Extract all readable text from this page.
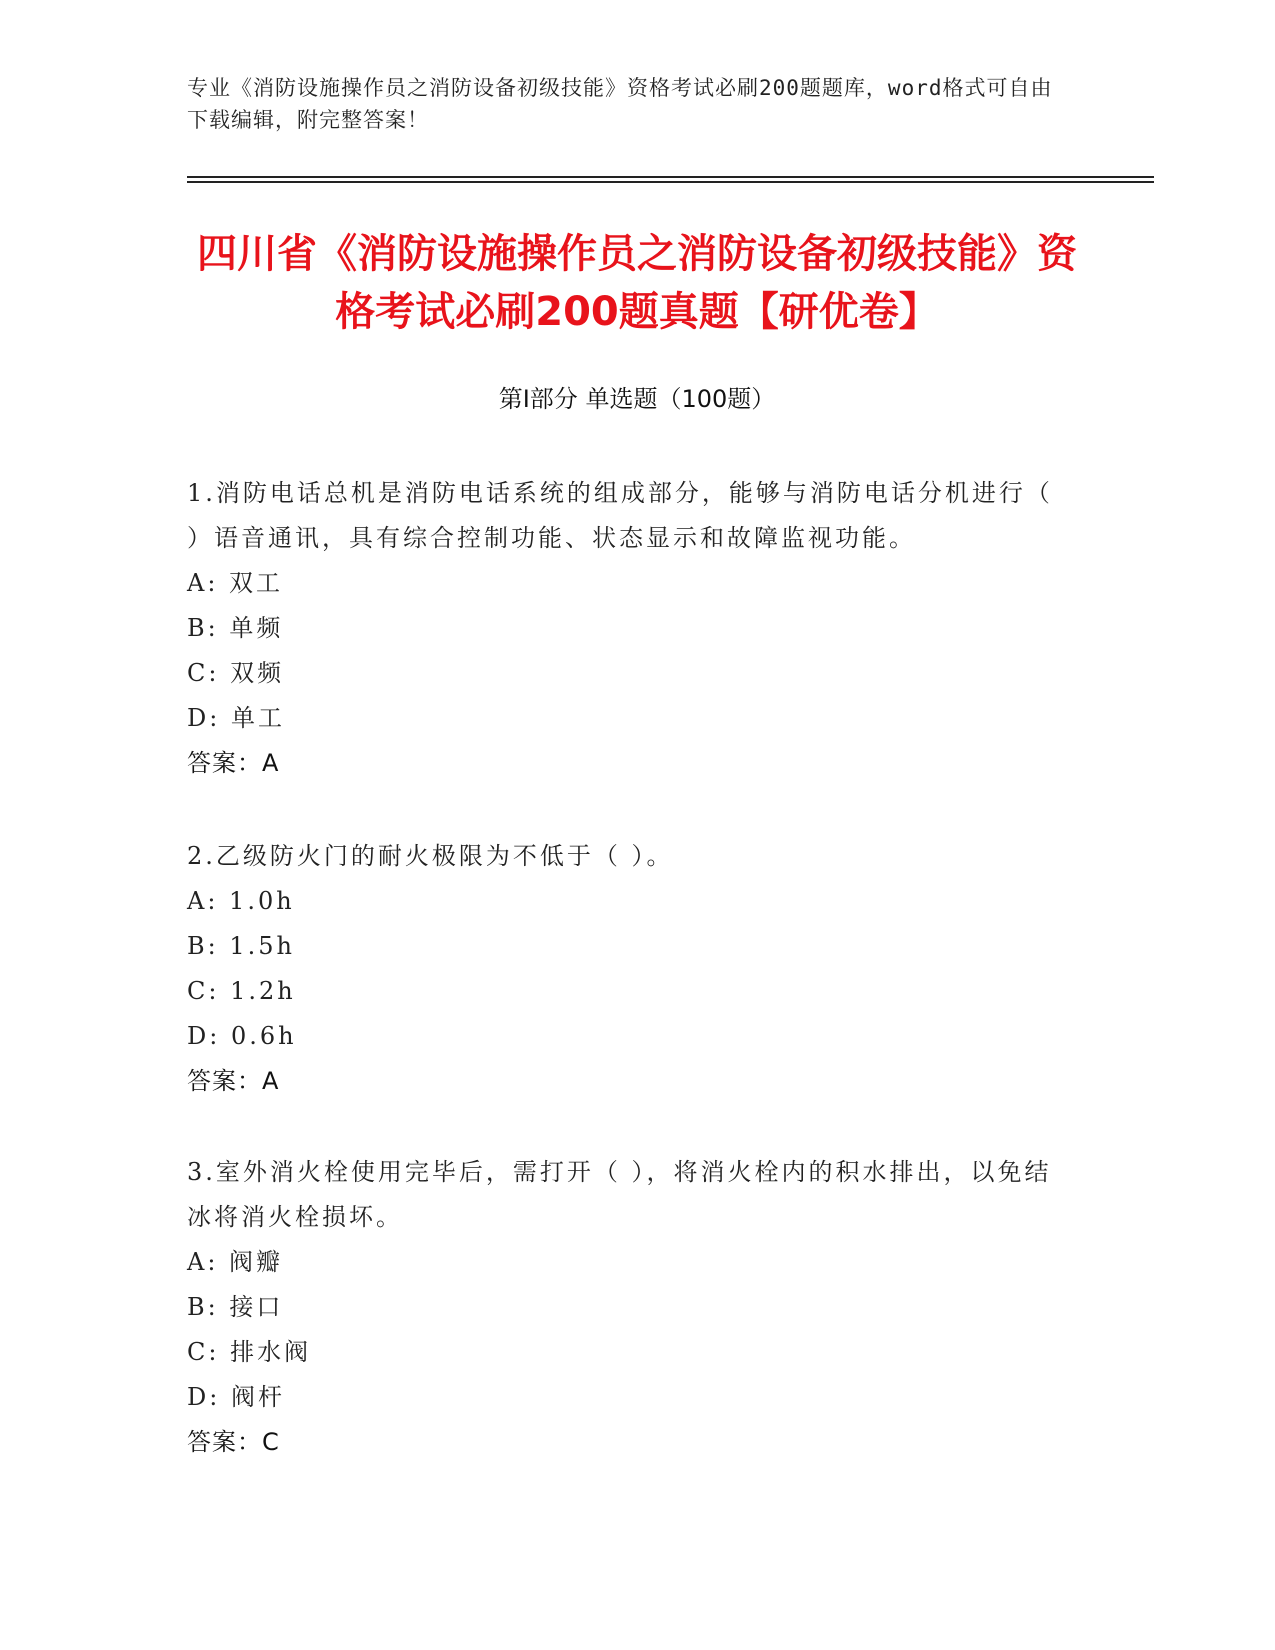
专业《消防设施操作员之消防设备初级技能》资格考试必刷200题题库，word格式可自由下载编辑，附完整答案！
四川省《消防设施操作员之消防设备初级技能》资格考试必刷200题真题【研优卷】
第Ⅰ部分 单选题（100题）
1.消防电话总机是消防电话系统的组成部分，能够与消防电话分机进行（ ）语音通讯，具有综合控制功能、状态显示和故障监视功能。
A: 双工
B: 单频
C: 双频
D: 单工
答案：A
2.乙级防火门的耐火极限为不低于（ ）。
A: 1.0h
B: 1.5h
C: 1.2h
D: 0.6h
答案：A
3.室外消火栓使用完毕后，需打开（ ），将消火栓内的积水排出，以免结冰将消火栓损坏。
A: 阀瓣
B: 接口
C: 排水阀
D: 阀杆
答案：C
